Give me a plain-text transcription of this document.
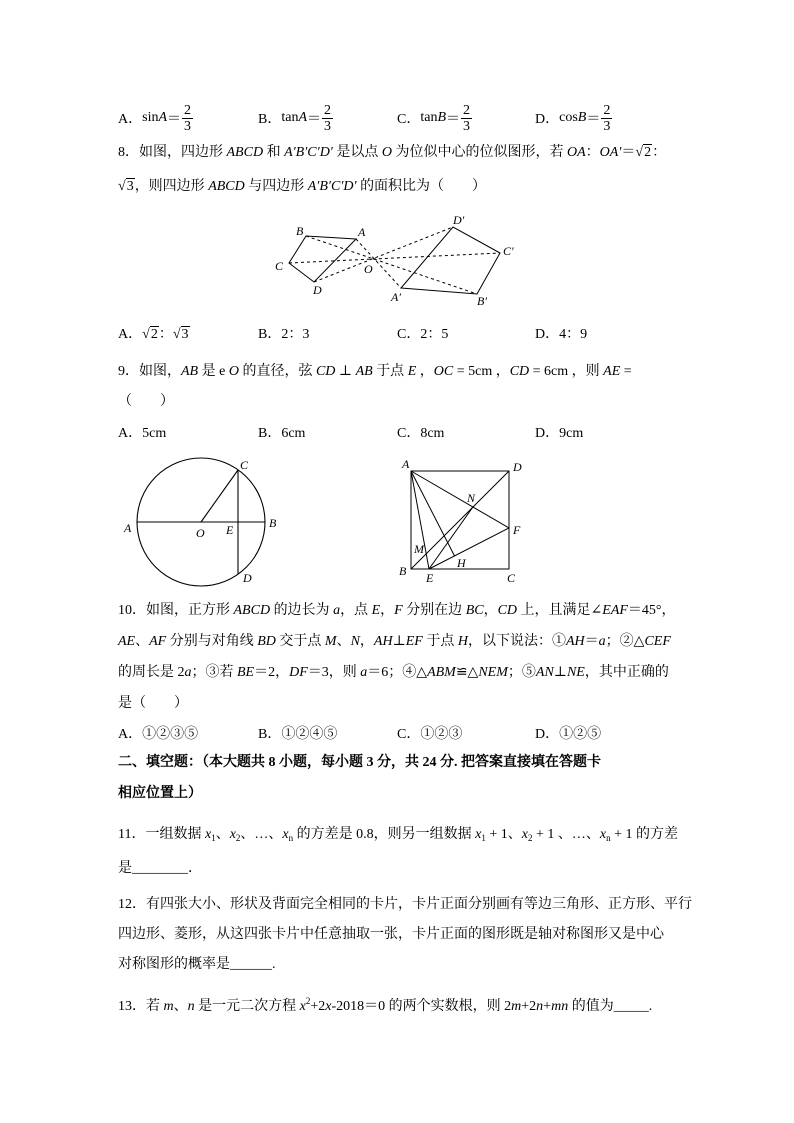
A． $\sin A = \frac{2}{3}$	B． $\tan A = \frac{2}{3}$	C． $\tan B = \frac{2}{3}$	D． $\cos B = \frac{2}{3}$
8．如图，四边形 ABCD 和 A′B′C′D′ 是以点 O 为位似中心的位似图形，若 OA：OA′＝√2：
√3，则四边形 ABCD 与四边形 A′B′C′D′ 的面积比为（　　）
B	A
C	O
D
D′
C′
A′	B′
A．√2：√3	B．2：3	C．2：5	D．4：9
9．如图，AB 是 e O 的直径，弦 CD ⊥ AB 于点 E ，OC = 5cm ，CD = 6cm ，则 AE =
（　　）
A．5cm	B．6cm	C．8cm	D．9cm
A	O E	B
C
D
A	D
N
F
M
H
B E	C
10．如图，正方形 ABCD 的边长为 a，点 E，F 分别在边 BC，CD 上，且满足∠EAF＝45°，
AE、AF 分别与对角线 BD 交于点 M、N，AH⊥EF 于点 H，以下说法：①AH＝a；②△CEF
的周长是 2a；③若 BE＝2，DF＝3，则 a＝6；④△ABM≌△NEM；⑤AN⊥NE，其中正确的
是（　　）
A．①②③⑤	B．①②④⑤	C．①②③	D．①②⑤
二、填空题：（本大题共 8 小题，每小题 3 分，共 24 分. 把答案直接填在答题卡
相应位置上）
11．一组数据 $x_1$、$x_2$、…、$x_n$ 的方差是 0.8，则另一组数据 $x_1 + 1$、$x_2 + 1$ 、…、$x_n + 1$ 的方差
是________．
12．有四张大小、形状及背面完全相同的卡片，卡片正面分别画有等边三角形、正方形、平行
四边形、菱形，从这四张卡片中任意抽取一张，卡片正面的图形既是轴对称图形又是中心
对称图形的概率是______.
13．若 m、n 是一元二次方程 $x^2+2x-2018=0$ 的两个实数根，则 2m+2n+mn 的值为_____.
